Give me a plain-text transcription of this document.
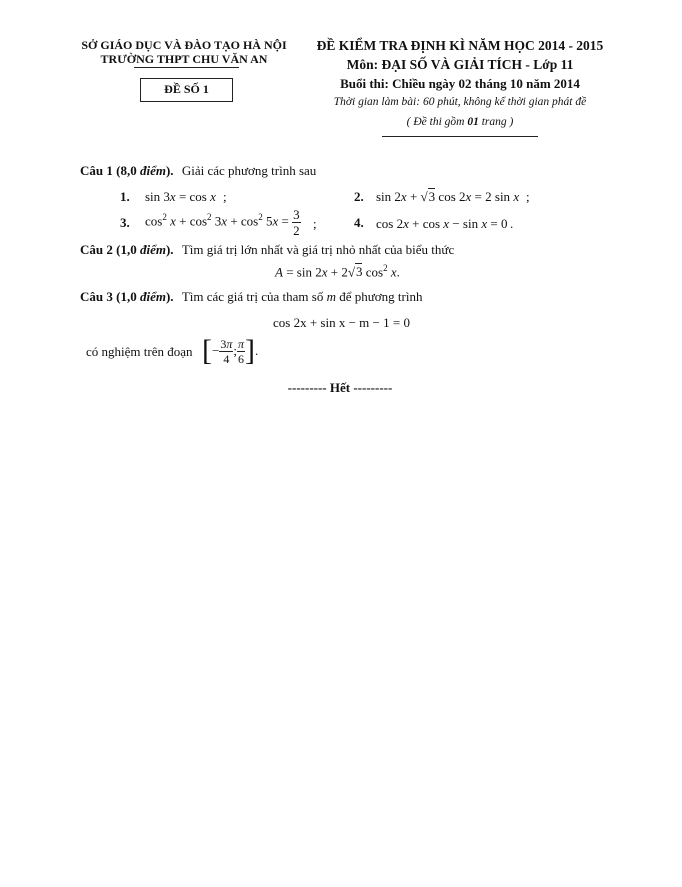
SỞ GIÁO DỤC VÀ ĐÀO TẠO HÀ NỘI
TRƯỜNG THPT CHU VĂN AN
ĐỀ SỐ 1
ĐỀ KIỂM TRA ĐỊNH KÌ NĂM HỌC 2014 - 2015
Môn: ĐẠI SỐ VÀ GIẢI TÍCH - Lớp 11
Buổi thi: Chiều ngày 02 tháng 10 năm 2014
Thời gian làm bài: 60 phút, không kể thời gian phát đề
( Đề thi gồm 01 trang )
Câu 1 (8,0 điểm). Giải các phương trình sau
1. sin 3x = cos x ;	2. sin 2x + √3 cos 2x = 2 sin x ;
3. $\cos^2 x + \cos^2 3x + \cos^2 5x = \frac{3}{2}$ ;	4. cos 2x + cos x − sin x = 0 .
Câu 2 (1,0 điểm). Tìm giá trị lớn nhất và giá trị nhỏ nhất của biểu thức
A = sin 2x + 2√3 $\cos^2 x$.
Câu 3 (1,0 điểm). Tìm các giá trị của tham số m để phương trình
cos 2x + sin x − m − 1 = 0
có nghiệm trên đoạn [− $\frac{3\pi}{4}$ ; $\frac{\pi}{6}$ ].
--------- Hết ---------
